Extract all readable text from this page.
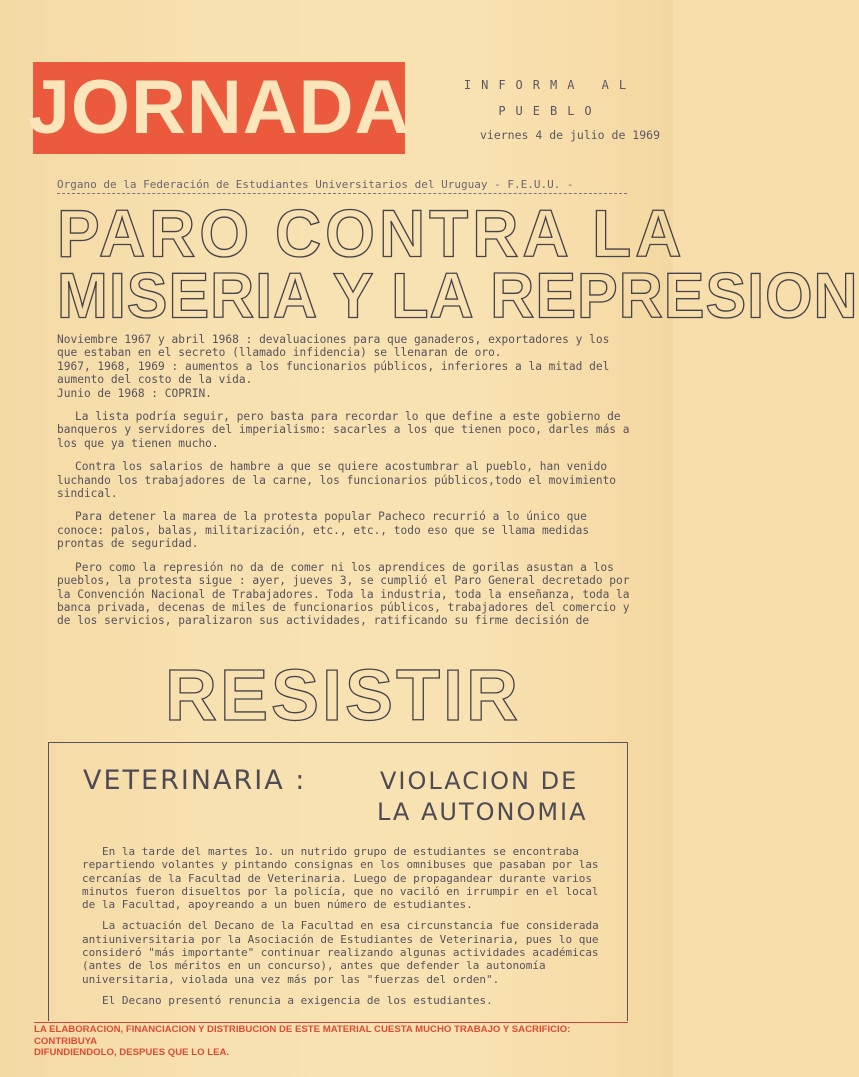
JORNADA	INFORMA AL
PUEBLO
viernes 4 de julio de 1969
Organo de la Federación de Estudiantes Universitarios del Uruguay - F.E.U.U. -
PARO CONTRA LA
MISERIA Y LA REPRESION

Noviembre 1967 y abril 1968 : devaluaciones para que ganaderos, exportadores y los que estaban en el secreto (llamado infidencia) se llenaran de oro.

1967, 1968, 1969 : aumentos a los funcionarios públicos, inferiores a la mitad del aumento del costo de la vida.

Junio de 1968 : COPRIN.

La lista podría seguir, pero basta para recordar lo que define a este gobierno de banqueros y servidores del imperialismo: sacarles a los que tienen poco, darles más a los que ya tienen mucho.

Contra los salarios de hambre a que se quiere acostumbrar al pueblo, han venido luchando los trabajadores de la carne, los funcionarios públicos,todo el movimiento sindical.

Para detener la marea de la protesta popular Pacheco recurrió a lo único que conoce: palos, balas, militarización, etc., etc., todo eso que se llama medidas prontas de seguridad.

Pero como la represión no da de comer ni los aprendices de gorilas asustan a los pueblos, la protesta sigue : ayer, jueves 3, se cumplió el Paro General decretado por la Convención Nacional de Trabajadores. Toda la industria, toda la enseñanza, toda la banca privada, decenas de miles de funcionarios públicos, trabajadores del comercio y de los servicios, paralizaron sus actividades, ratificando su firme decisión de

RESISTIR
VETERINARIA :	VIOLACION DE
LA AUTONOMIA

En la tarde del martes 1o. un nutrido grupo de estudiantes se encontraba repartiendo volantes y pintando consignas en los omnibuses que pasaban por las cercanías de la Facultad de Veterinaria. Luego de propagandear durante varios minutos fueron disueltos por la policía, que no vaciló en irrumpir en el local de la Facultad, apoyreando a un buen número de estudiantes.

La actuación del Decano de la Facultad en esa circunstancia fue considerada antiuniversitaria por la Asociación de Estudiantes de Veterinaria, pues lo que consideró "más importante" continuar realizando algunas actividades académicas (antes de los méritos en un concurso), antes que defender la autonomía universitaria, violada una vez más por las "fuerzas del orden".

El Decano presentó renuncia a exigencia de los estudiantes.

LA ELABORACION, FINANCIACION Y DISTRIBUCION DE ESTE MATERIAL CUESTA MUCHO TRABAJO Y SACRIFICIO: CONTRIBUYA
DIFUNDIENDOLO, DESPUES QUE LO LEA.
